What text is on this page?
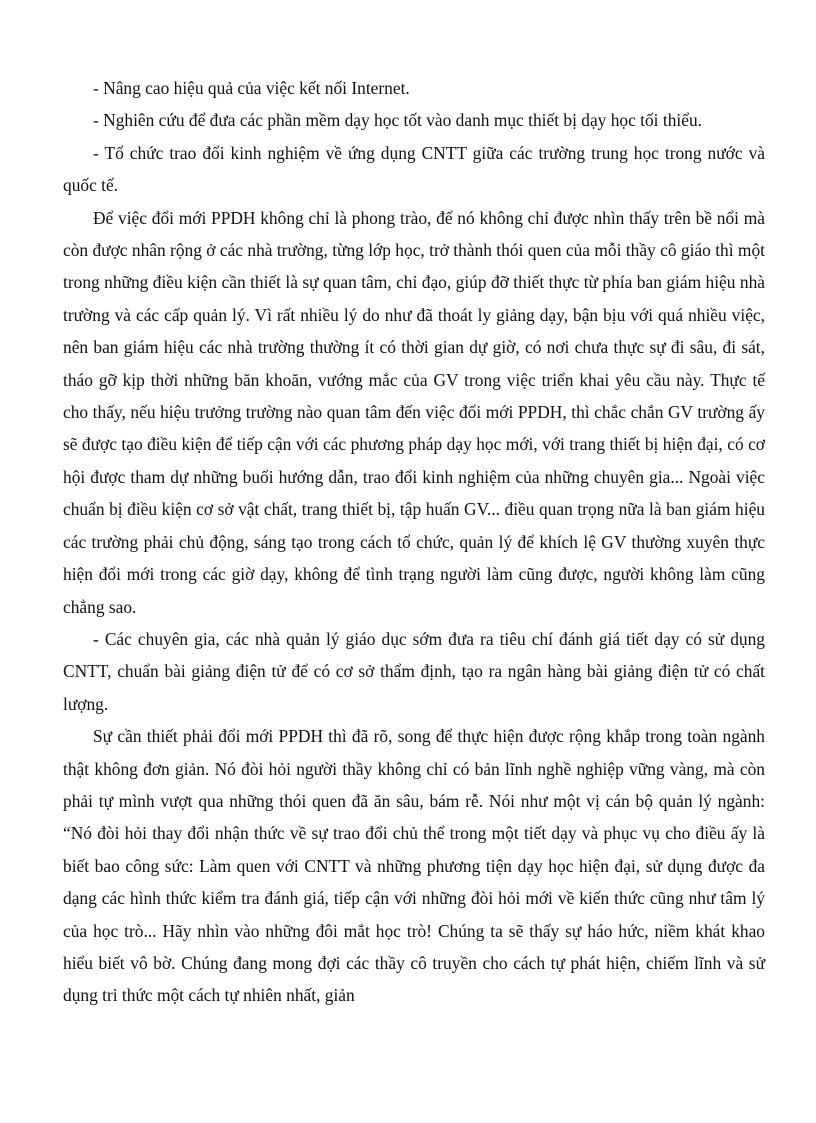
- Nâng cao hiệu quả của việc kết nối Internet.

- Nghiên cứu để đưa các phần mềm dạy học tốt vào danh mục thiết bị dạy học tối thiểu.

- Tổ chức trao đổi kinh nghiệm về ứng dụng CNTT giữa các trường trung học trong nước và quốc tế.

Để việc đổi mới PPDH không chỉ là phong trào, để nó không chỉ được nhìn thấy trên bề nổi mà còn được nhân rộng ở các nhà trường, từng lớp học, trở thành thói quen của mỗi thầy cô giáo thì một trong những điều kiện cần thiết là sự quan tâm, chỉ đạo, giúp đỡ thiết thực từ phía ban giám hiệu nhà trường và các cấp quản lý. Vì rất nhiều lý do như đã thoát ly giảng dạy, bận bịu với quá nhiều việc, nên ban giám hiệu các nhà trường thường ít có thời gian dự giờ, có nơi chưa thực sự đi sâu, đi sát, tháo gỡ kịp thời những băn khoăn, vướng mắc của GV trong việc triển khai yêu cầu này. Thực tế cho thấy, nếu hiệu trưởng trường nào quan tâm đến việc đổi mới PPDH, thì chắc chắn GV trường ấy sẽ được tạo điều kiện để tiếp cận với các phương pháp dạy học mới, với trang thiết bị hiện đại, có cơ hội được tham dự những buổi hướng dẫn, trao đổi kinh nghiệm của những chuyên gia... Ngoài việc chuẩn bị điều kiện cơ sở vật chất, trang thiết bị, tập huấn GV... điều quan trọng nữa là ban giám hiệu các trường phải chủ động, sáng tạo trong cách tổ chức, quản lý để khích lệ GV thường xuyên thực hiện đổi mới trong các giờ dạy, không để tình trạng người làm cũng được, người không làm cũng chẳng sao.

- Các chuyên gia, các nhà quản lý giáo dục sớm đưa ra tiêu chí đánh giá tiết dạy có sử dụng CNTT, chuẩn bài giảng điện tử để có cơ sở thẩm định, tạo ra ngân hàng bài giảng điện tử có chất lượng.

Sự cần thiết phải đổi mới PPDH thì đã rõ, song để thực hiện được rộng khắp trong toàn ngành thật không đơn giản. Nó đòi hỏi người thầy không chỉ có bản lĩnh nghề nghiệp vững vàng, mà còn phải tự mình vượt qua những thói quen đã ăn sâu, bám rễ. Nói như một vị cán bộ quản lý ngành: “Nó đòi hỏi thay đổi nhận thức về sự trao đổi chủ thể trong một tiết dạy và phục vụ cho điều ấy là biết bao công sức: Làm quen với CNTT và những phương tiện dạy học hiện đại, sử dụng được đa dạng các hình thức kiểm tra đánh giá, tiếp cận với những đòi hỏi mới về kiến thức cũng như tâm lý của học trò... Hãy nhìn vào những đôi mắt học trò! Chúng ta sẽ thấy sự háo hức, niềm khát khao hiểu biết vô bờ. Chúng đang mong đợi các thầy cô truyền cho cách tự phát hiện, chiếm lĩnh và sử dụng tri thức một cách tự nhiên nhất, giản
